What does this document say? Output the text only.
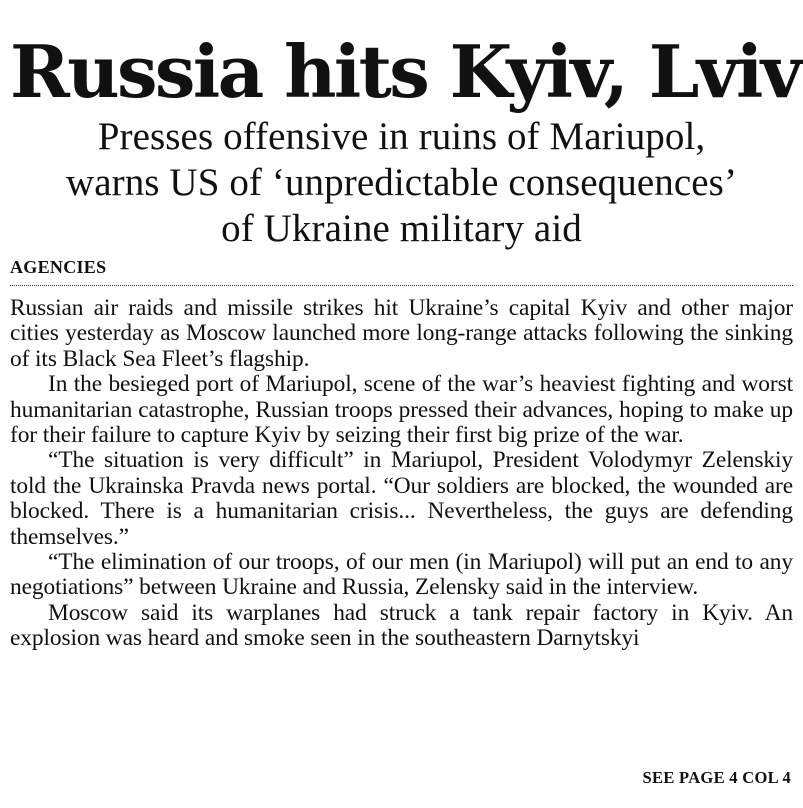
Russia hits Kyiv, Lviv
Presses offensive in ruins of Mariupol,
warns US of ‘unpredictable consequences’
of Ukraine military aid
AGENCIES

Russian air raids and missile strikes hit Ukraine’s capital Kyiv and other major cities yesterday as Moscow launched more long-range attacks following the sinking of its Black Sea Fleet’s flagship.

In the besieged port of Mariupol, scene of the war’s heaviest fighting and worst humanitarian catastrophe, Russian troops pressed their advances, hoping to make up for their failure to capture Kyiv by seizing their first big prize of the war.

“The situation is very difficult” in Mariupol, President Volodymyr Zelenskiy told the Ukrainska Pravda news portal. “Our soldiers are blocked, the wounded are blocked. There is a humanitarian crisis... Nevertheless, the guys are defending themselves.”

“The elimination of our troops, of our men (in Mariupol) will put an end to any negotiations” between Ukraine and Russia, Zelensky said in the interview.

Moscow said its warplanes had struck a tank repair factory in Kyiv. An explosion was heard and smoke seen in the southeastern Darnytskyi

SEE PAGE 4 COL 4
